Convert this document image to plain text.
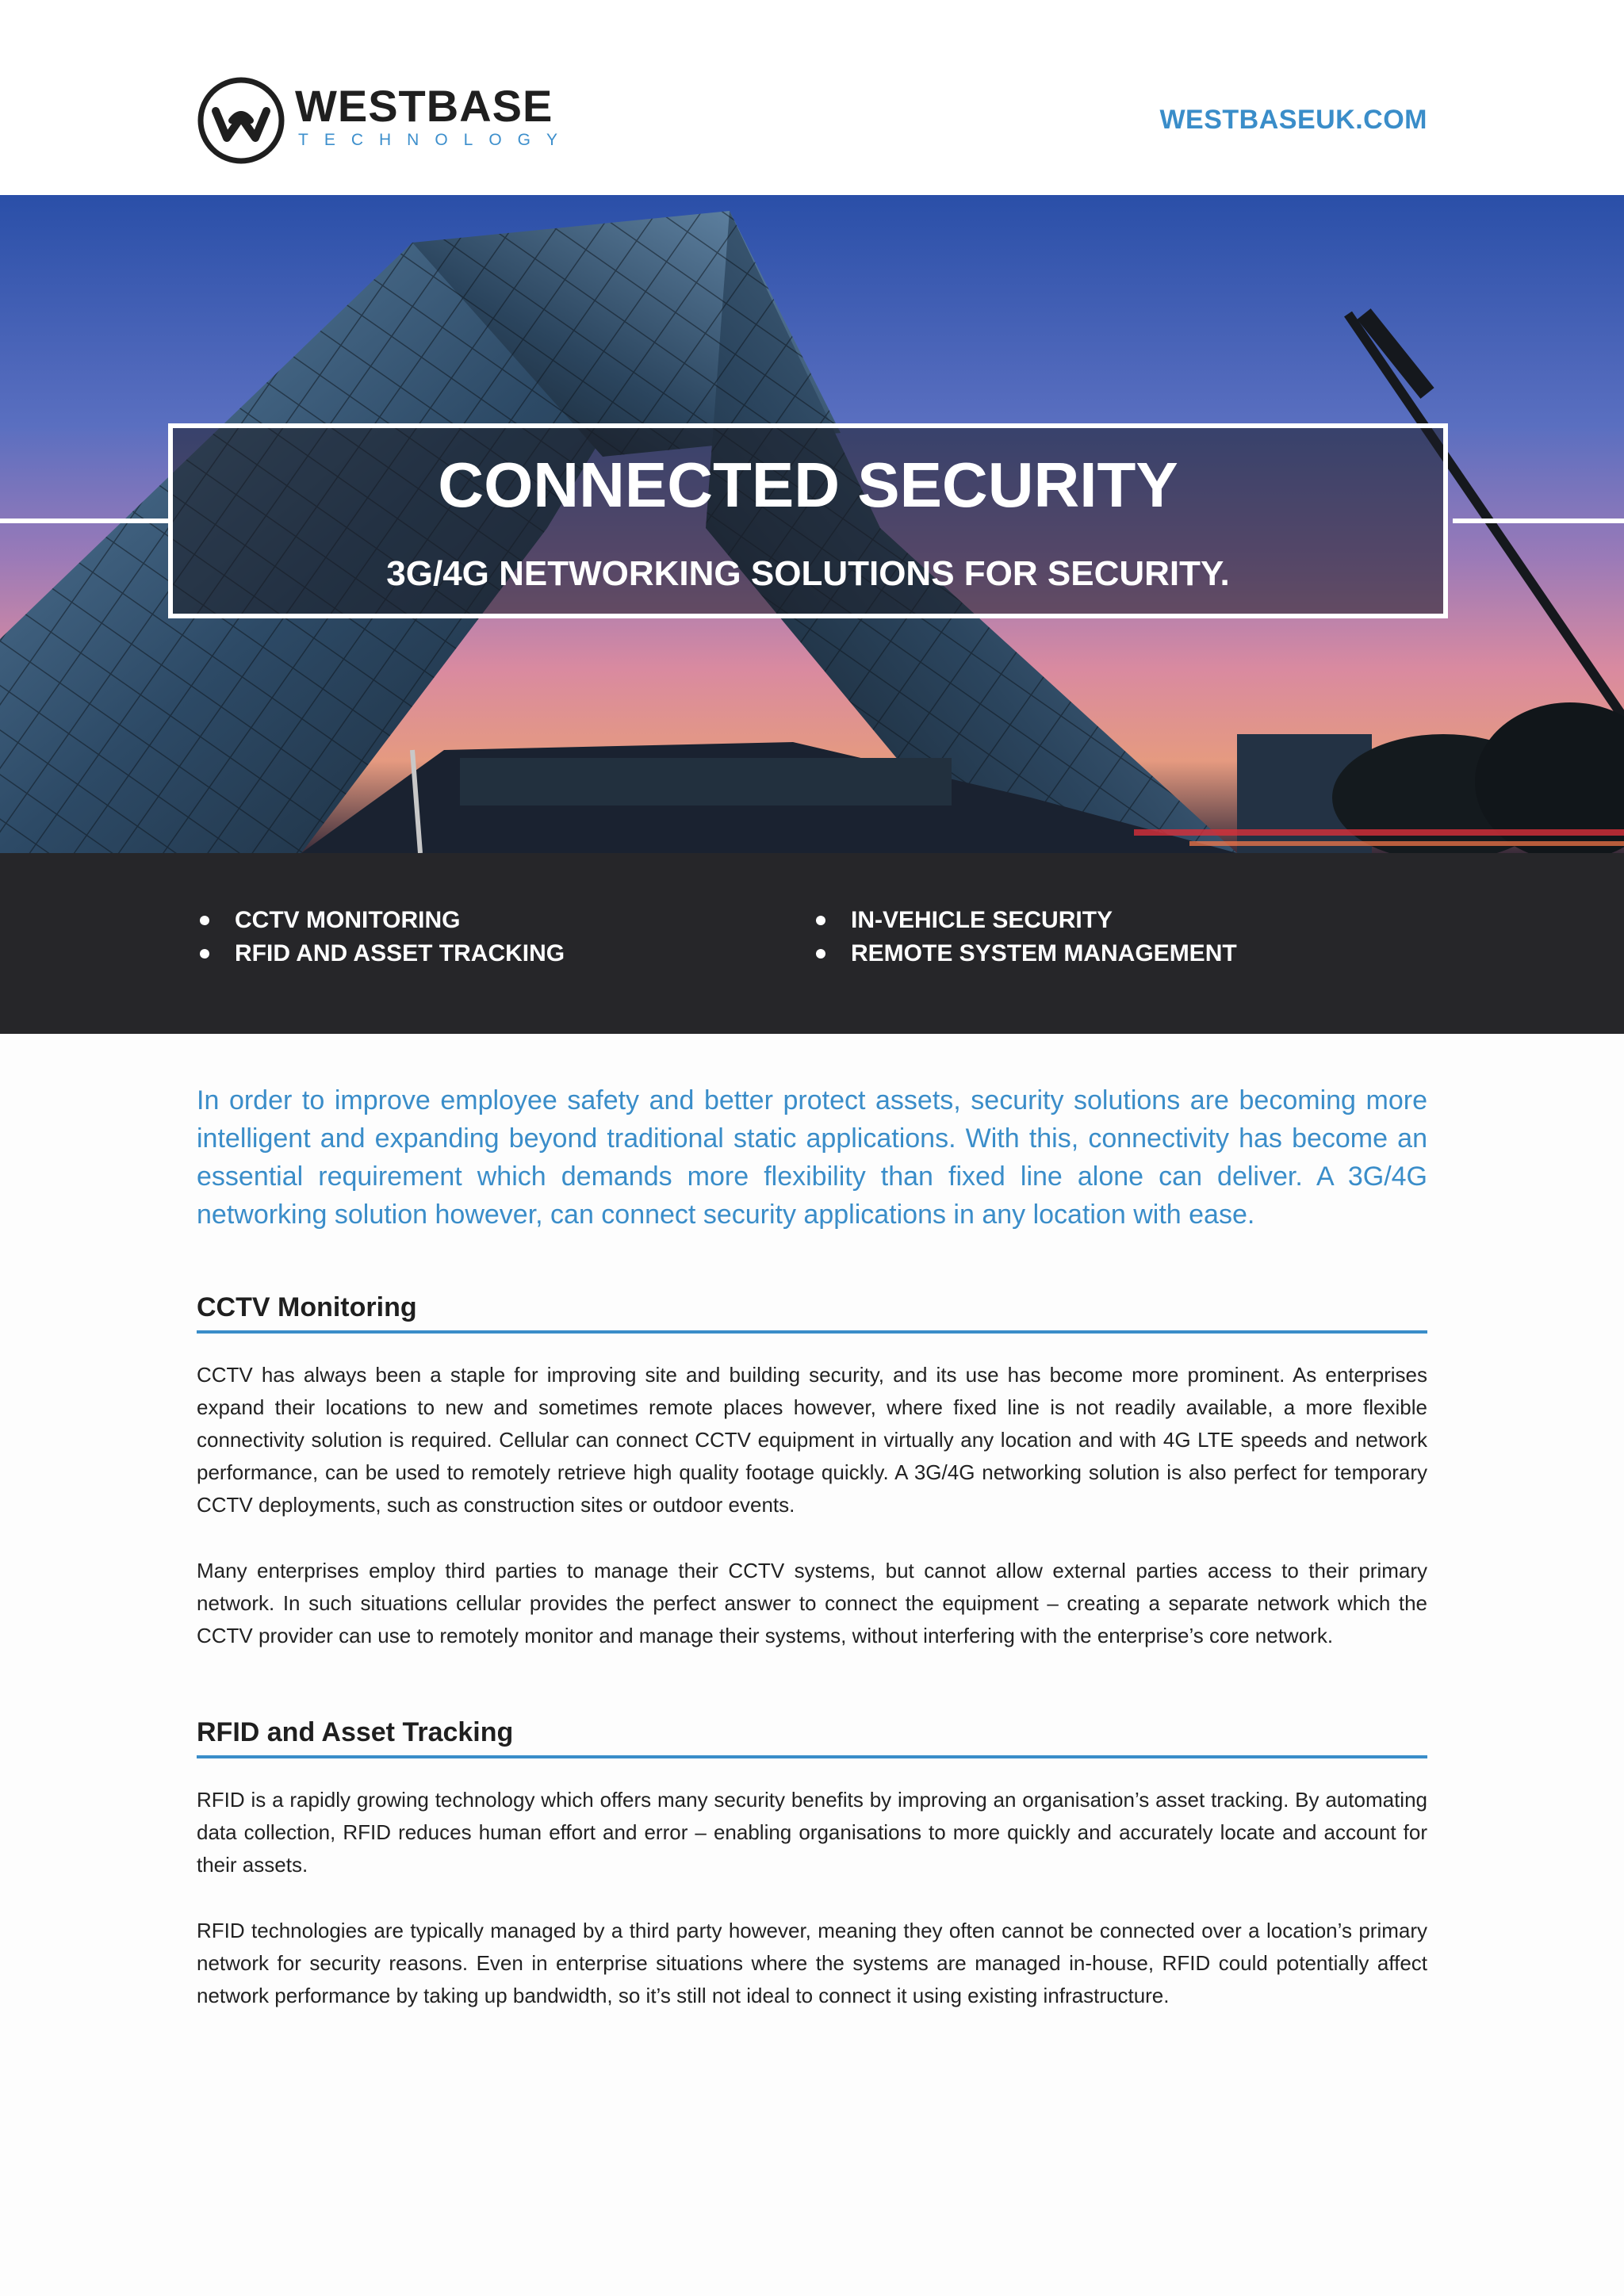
WESTBASE
TECHNOLOGY
WESTBASEUK.COM
CONNECTED SECURITY
3G/4G NETWORKING SOLUTIONS FOR SECURITY.
CCTV MONITORING
RFID AND ASSET TRACKING
IN-VEHICLE SECURITY
REMOTE SYSTEM MANAGEMENT

In order to improve employee safety and better protect assets, security solutions are becoming more intelligent and expanding beyond traditional static applications. With this, connectivity has become an essential requirement which demands more flexibility than fixed line alone can deliver. A 3G/4G networking solution however, can connect security applications in any location with ease.

CCTV Monitoring

CCTV has always been a staple for improving site and building security, and its use has become more prominent. As enterprises expand their locations to new and sometimes remote places however, where fixed line is not readily available, a more flexible connectivity solution is required. Cellular can connect CCTV equipment in virtually any location and with 4G LTE speeds and network performance, can be used to remotely retrieve high quality footage quickly. A 3G/4G networking solution is also perfect for temporary CCTV deployments, such as construction sites or outdoor events.

Many enterprises employ third parties to manage their CCTV systems, but cannot allow external parties access to their primary network. In such situations cellular provides the perfect answer to connect the equipment – creating a separate network which the CCTV provider can use to remotely monitor and manage their systems, without interfering with the enterprise’s core network.

RFID and Asset Tracking

RFID is a rapidly growing technology which offers many security benefits by improving an organisation’s asset tracking. By automating data collection, RFID reduces human effort and error – enabling organisations to more quickly and accurately locate and account for their assets.

RFID technologies are typically managed by a third party however, meaning they often cannot be connected over a location’s primary network for security reasons. Even in enterprise situations where the systems are managed in-house, RFID could potentially affect network performance by taking up bandwidth, so it’s still not ideal to connect it using existing infrastructure.
